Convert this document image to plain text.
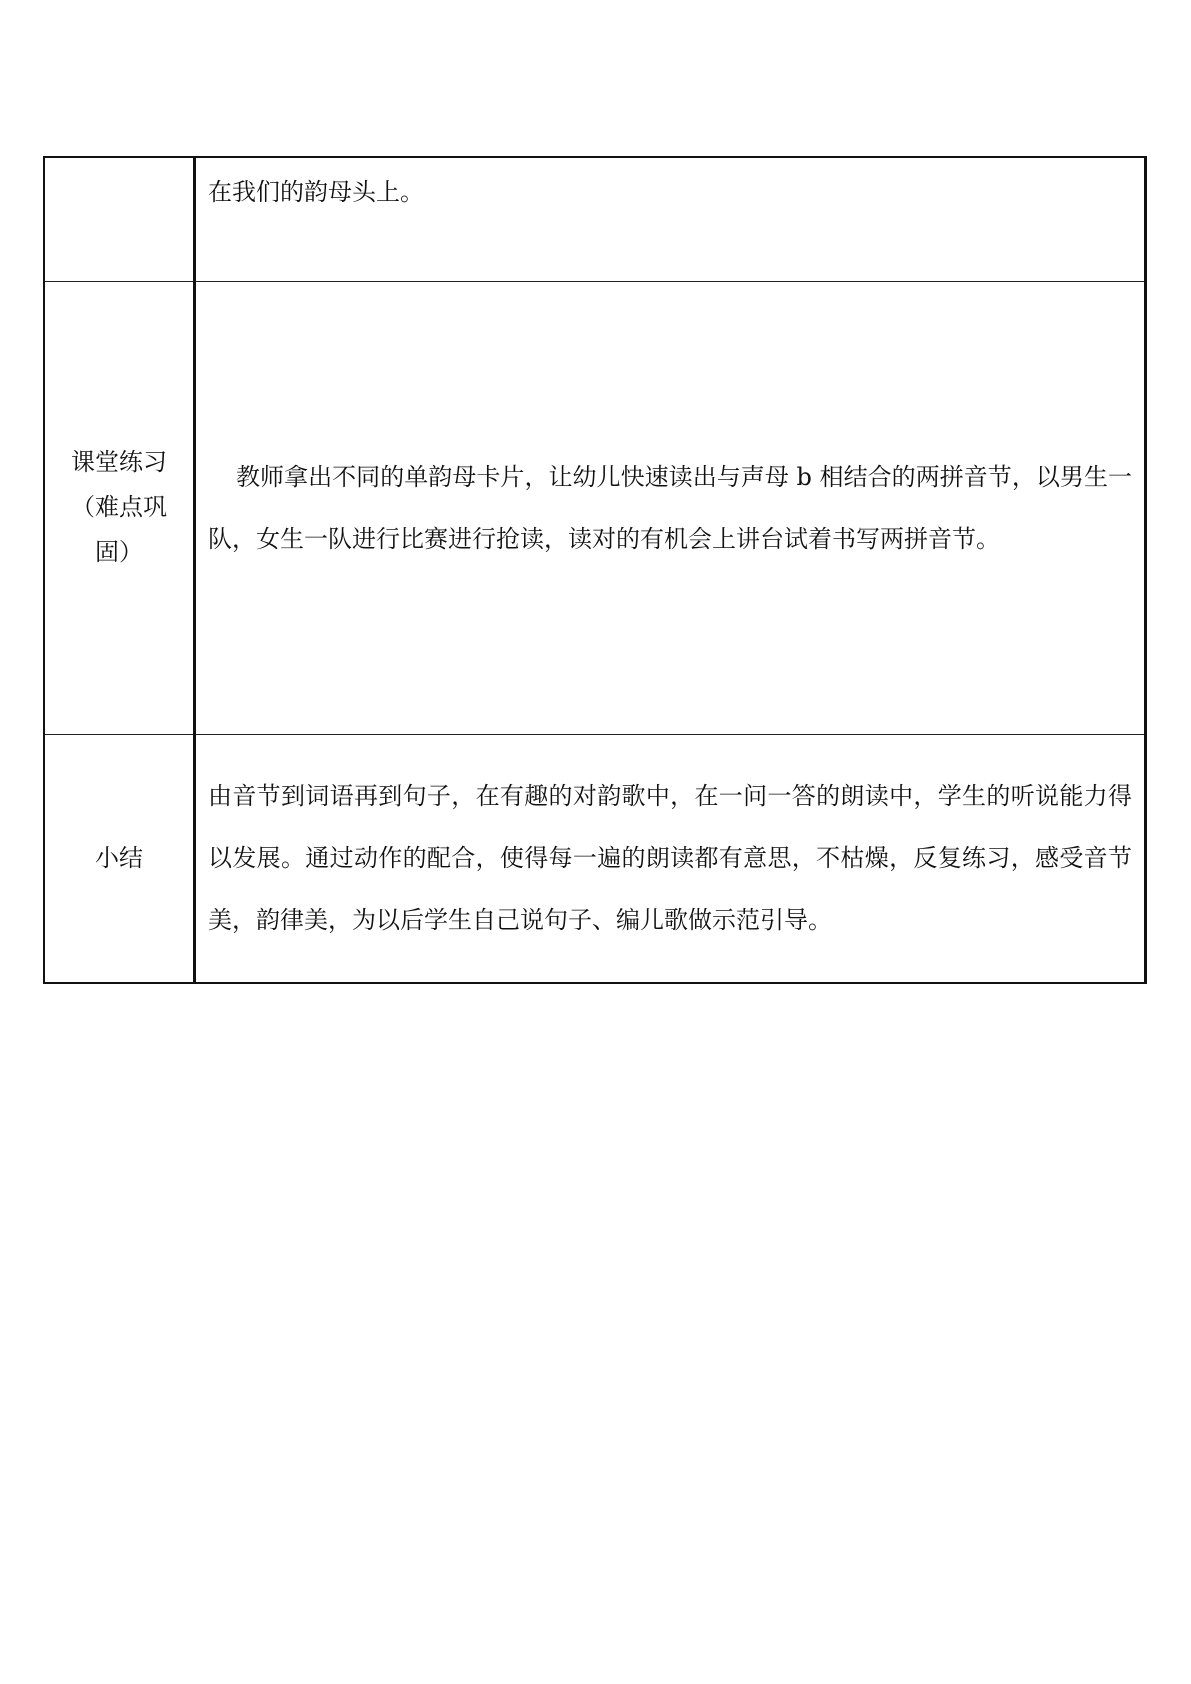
	在我们的韵母头上。

课堂练习
（难点巩
固）	教师拿出不同的单韵母卡片，让幼儿快速读出与声母 b 相结合的两拼音节，以男生一队，女生一队进行比赛进行抢读，读对的有机会上讲台试着书写两拼音节。

小结	由音节到词语再到句子，在有趣的对韵歌中，在一问一答的朗读中，学生的听说能力得以发展。通过动作的配合，使得每一遍的朗读都有意思，不枯燥，反复练习，感受音节美，韵律美，为以后学生自己说句子、编儿歌做示范引导。
